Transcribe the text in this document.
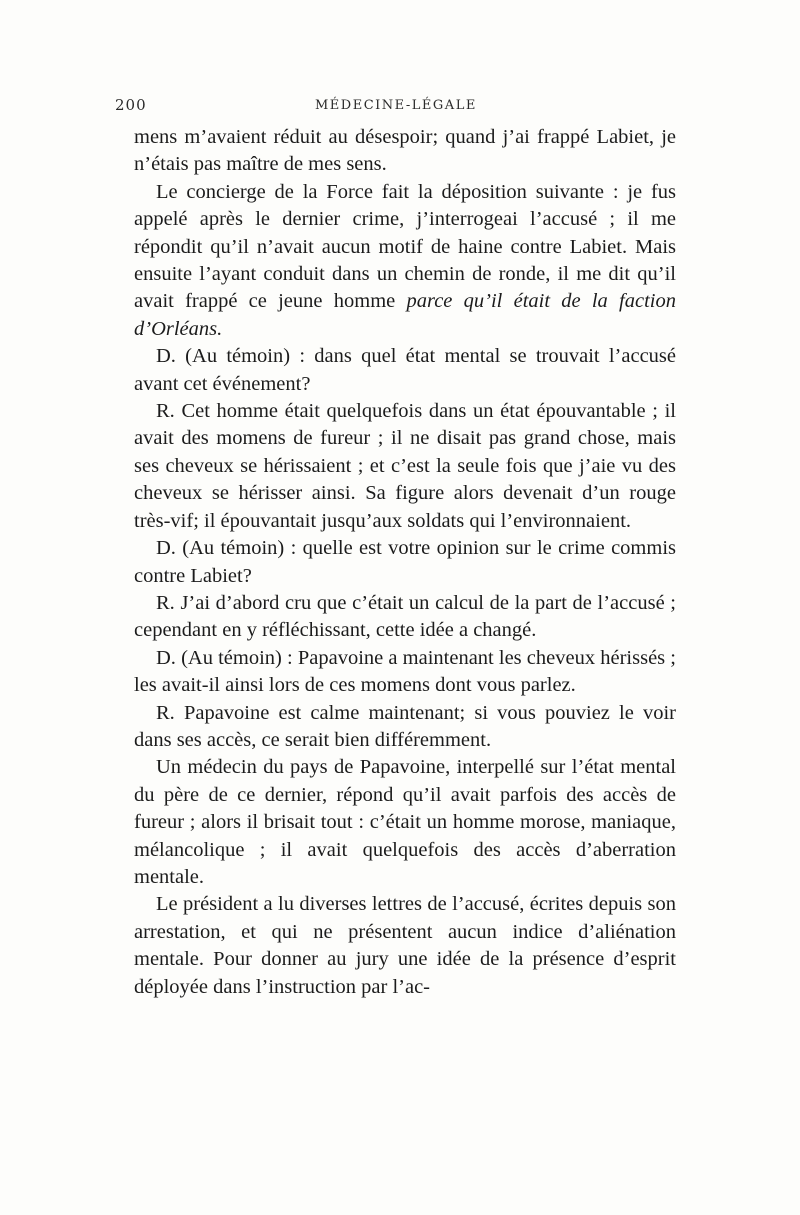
200	MÉDECINE-LÉGALE

mens m’avaient réduit au désespoir; quand j’ai frappé Labiet, je n’étais pas maître de mes sens.

Le concierge de la Force fait la déposition suivante : je fus appelé après le dernier crime, j’interrogeai l’accusé ; il me répondit qu’il n’avait aucun motif de haine contre Labiet. Mais ensuite l’ayant conduit dans un chemin de ronde, il me dit qu’il avait frappé ce jeune homme parce qu’il était de la faction d’Orléans.

D. (Au témoin) : dans quel état mental se trouvait l’accusé avant cet événement?

R. Cet homme était quelquefois dans un état épouvantable ; il avait des momens de fureur ; il ne disait pas grand chose, mais ses cheveux se hérissaient ; et c’est la seule fois que j’aie vu des cheveux se hérisser ainsi. Sa figure alors devenait d’un rouge très-vif; il épouvantait jusqu’aux soldats qui l’environnaient.

D. (Au témoin) : quelle est votre opinion sur le crime commis contre Labiet?

R. J’ai d’abord cru que c’était un calcul de la part de l’accusé ; cependant en y réfléchissant, cette idée a changé.

D. (Au témoin) : Papavoine a maintenant les cheveux hérissés ; les avait-il ainsi lors de ces momens dont vous parlez.

R. Papavoine est calme maintenant; si vous pouviez le voir dans ses accès, ce serait bien différemment.

Un médecin du pays de Papavoine, interpellé sur l’état mental du père de ce dernier, répond qu’il avait parfois des accès de fureur ; alors il brisait tout : c’était un homme morose, maniaque, mélancolique ; il avait quelquefois des accès d’aberration mentale.

Le président a lu diverses lettres de l’accusé, écrites depuis son arrestation, et qui ne présentent aucun indice d’aliénation mentale. Pour donner au jury une idée de la présence d’esprit déployée dans l’instruction par l’ac-
